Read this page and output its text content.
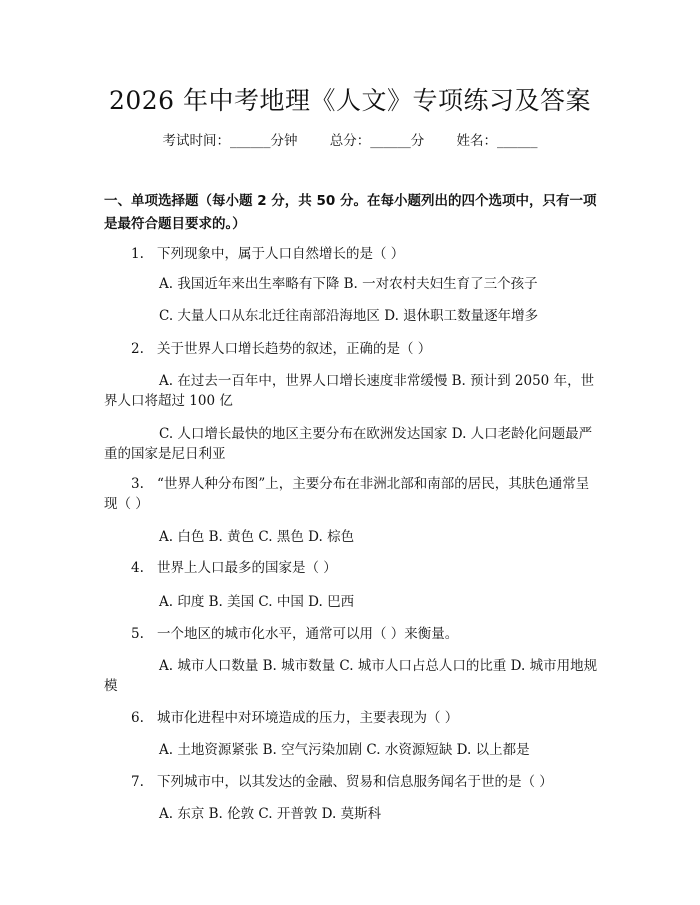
2026 年中考地理《人文》专项练习及答案
考试时间：______分钟 总分：______分 姓名：______
一、单项选择题（每小题 2 分，共 50 分。在每小题列出的四个选项中，只有一项是最符合题目要求的。）
1. 下列现象中，属于人口自然增长的是（ ）
A. 我国近年来出生率略有下降 B. 一对农村夫妇生育了三个孩子
C. 大量人口从东北迁往南部沿海地区 D. 退休职工数量逐年增多
2. 关于世界人口增长趋势的叙述，正确的是（ ）
A. 在过去一百年中，世界人口增长速度非常缓慢 B. 预计到 2050 年，世界人口将超过 100 亿
C. 人口增长最快的地区主要分布在欧洲发达国家 D. 人口老龄化问题最严重的国家是尼日利亚
3. “世界人种分布图”上，主要分布在非洲北部和南部的居民，其肤色通常呈现（ ）
A. 白色 B. 黄色 C. 黑色 D. 棕色
4. 世界上人口最多的国家是（ ）
A. 印度 B. 美国 C. 中国 D. 巴西
5. 一个地区的城市化水平，通常可以用（ ）来衡量。
A. 城市人口数量 B. 城市数量 C. 城市人口占总人口的比重 D. 城市用地规模
6. 城市化进程中对环境造成的压力，主要表现为（ ）
A. 土地资源紧张 B. 空气污染加剧 C. 水资源短缺 D. 以上都是
7. 下列城市中，以其发达的金融、贸易和信息服务闻名于世的是（ ）
A. 东京 B. 伦敦 C. 开普敦 D. 莫斯科
